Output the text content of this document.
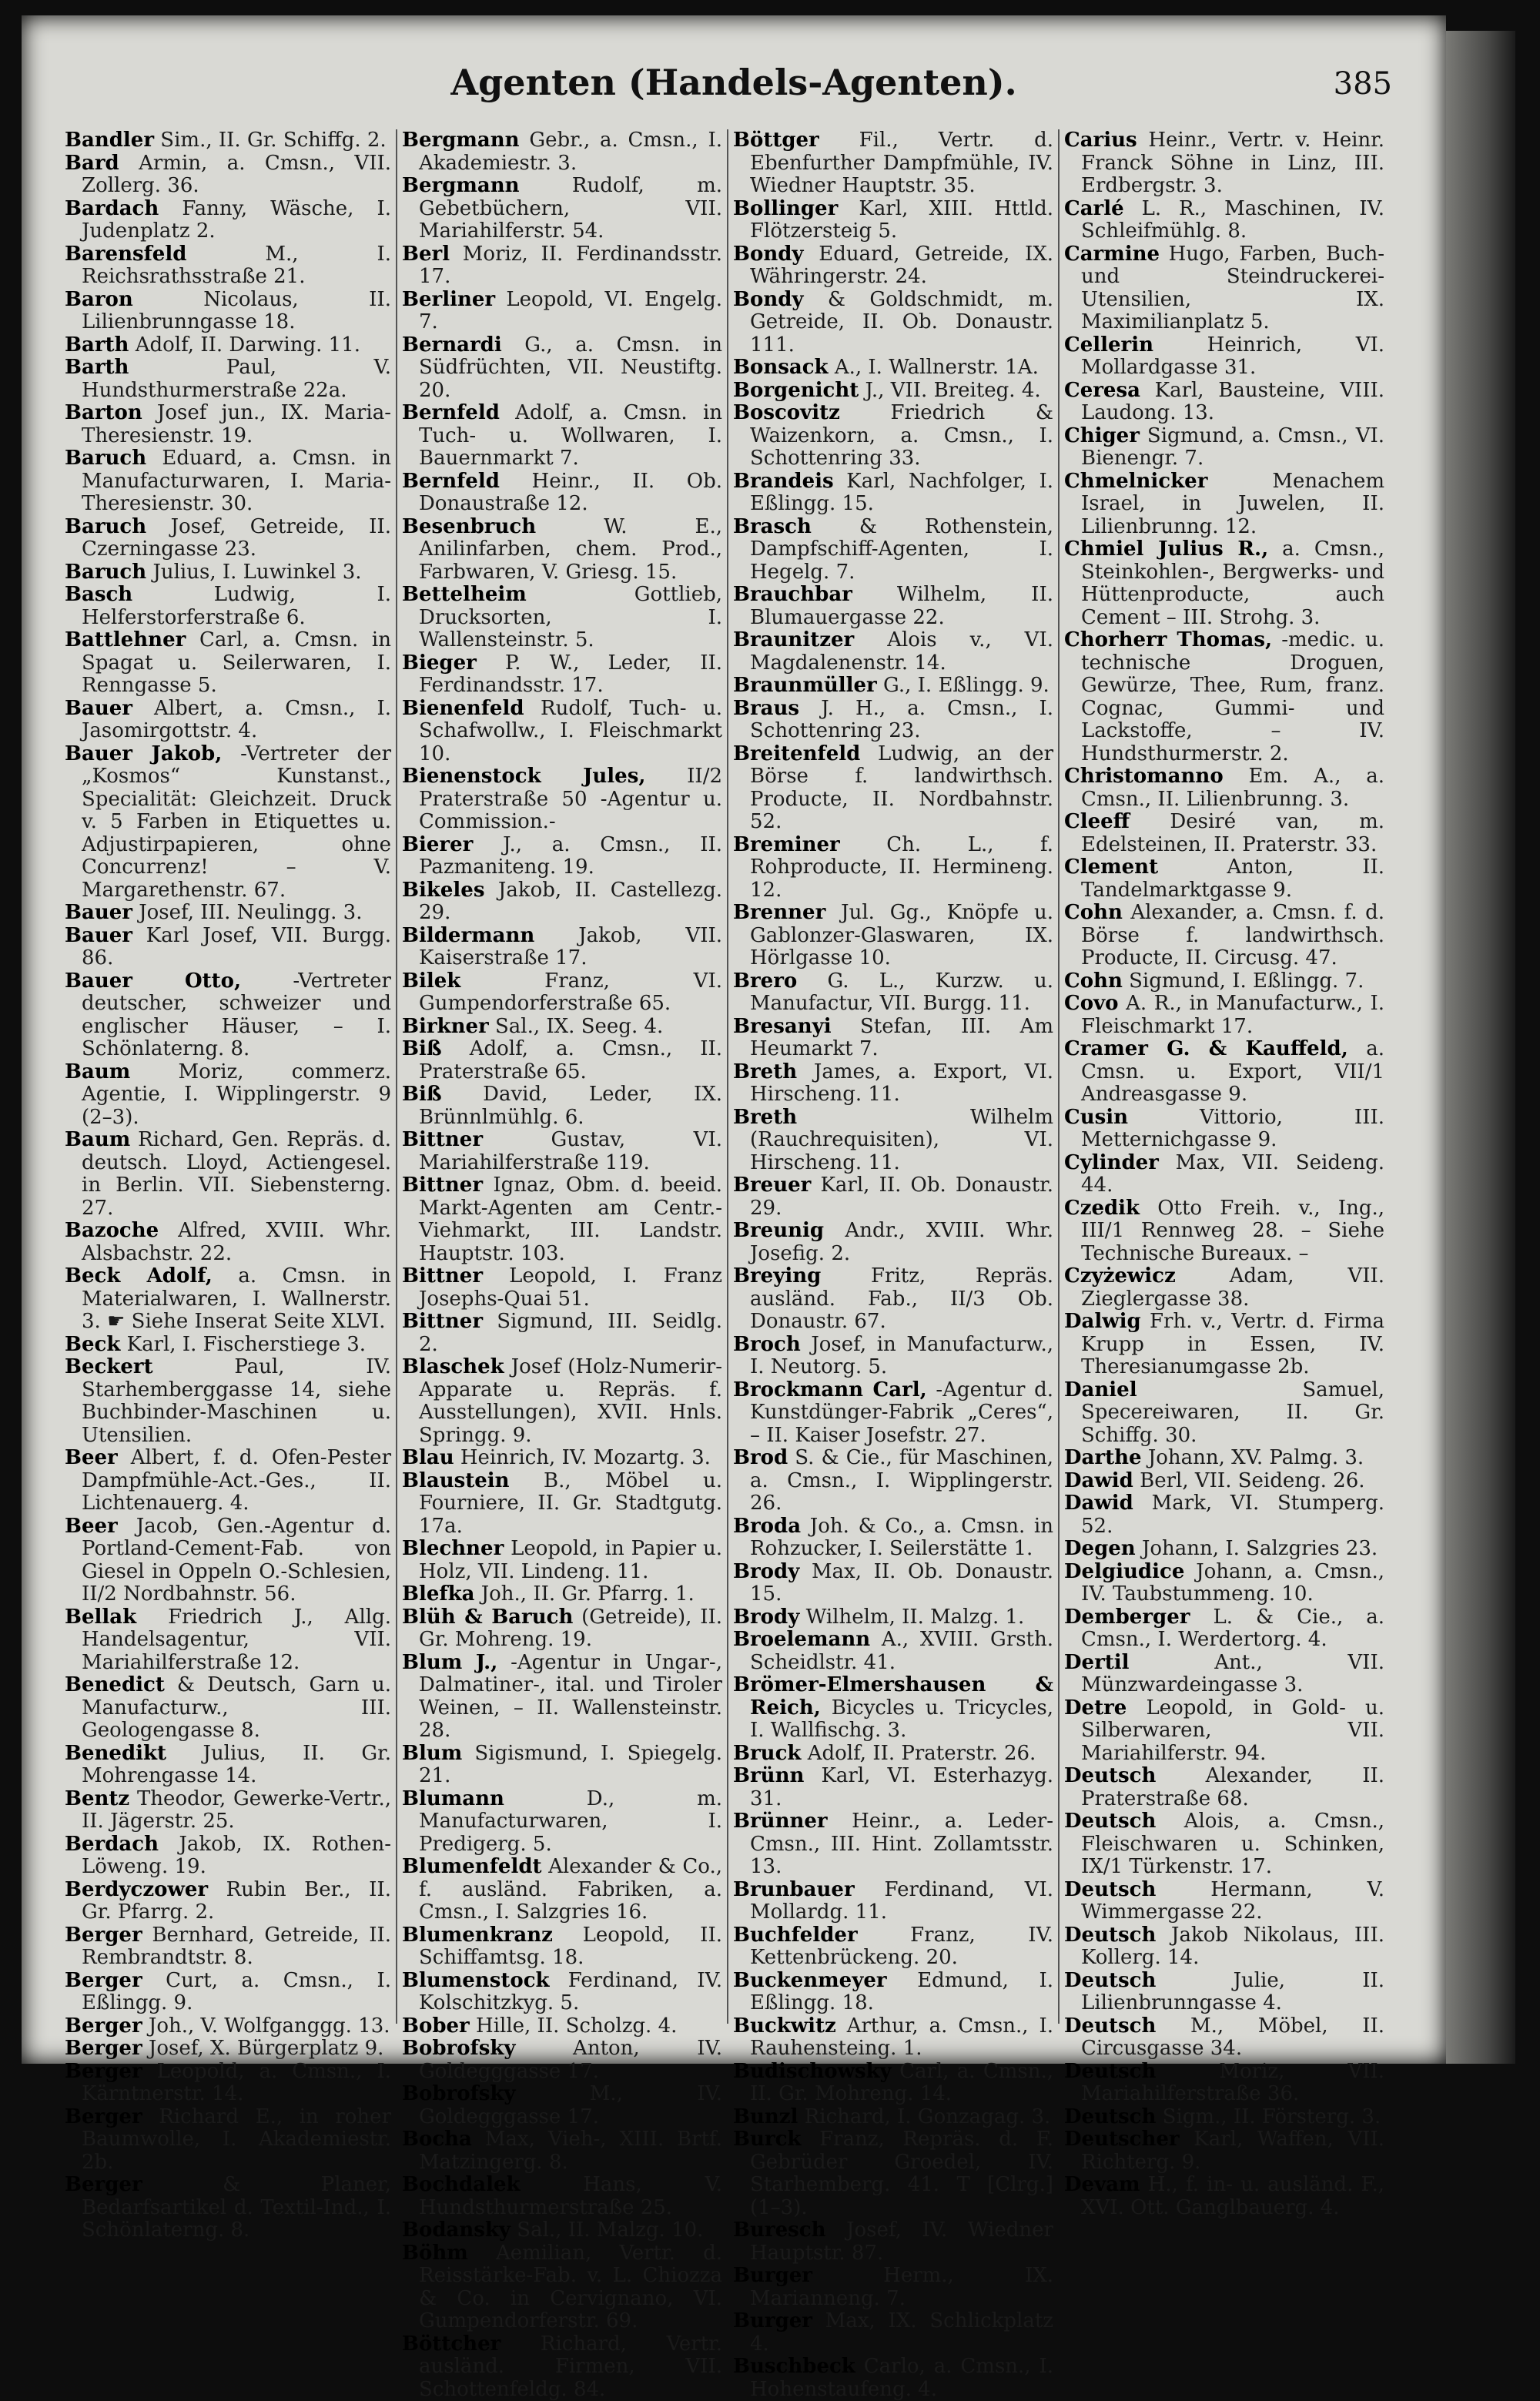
Agenten (Handels-Agenten).	385

Bandler Sim., II. Gr. Schiffg. 2.

Bard Armin, a. Cmsn., VII. Zollerg. 36.

Bardach Fanny, Wäsche, I. Judenplatz 2.

Barensfeld	M., I. Reichsrathsstraße 21.

Baron	Nicolaus, II. Lilienbrunngasse 18.

Barth Adolf, II. Darwing. 11.

Barth	Paul, V. Hundsthurmerstraße 22a.

Barton Josef jun., IX. Maria-Theresienstr. 19.

Baruch Eduard, a. Cmsn. in Manufacturwaren, I. Maria-Theresienstr. 30.

Baruch Josef, Getreide, II. Czerningasse 23.

Baruch Julius, I. Luwinkel 3.

Basch	Ludwig, I. Helferstorferstraße 6.

Battlehner Carl, a. Cmsn. in Spagat u. Seilerwaren, I. Renngasse 5.

Bauer Albert, a. Cmsn., I. Jasomirgottstr. 4.

Bauer Jakob, -Vertreter der „Kosmos“ Kunstanst., Specialität: Gleichzeit. Druck v. 5 Farben in Etiquettes u. Adjustirpapieren, ohne Concurrenz! – V. Margarethenstr. 67.

Bauer Josef, III. Neulingg. 3.

Bauer Karl Josef, VII. Burgg. 86.

Bauer Otto,	-Vertreter deutscher, schweizer und englischer Häuser, – I. Schönlaterng. 8.

Baum Moriz, commerz. Agentie, I. Wipplingerstr. 9 (2–3).

Baum Richard, Gen. Repräs. d. deutsch. Lloyd, Actiengesel. in Berlin. VII. Siebensterng. 27.

Bazoche Alfred, XVIII. Whr. Alsbachstr. 22.

Beck Adolf, a. Cmsn. in Materialwaren, I. Wallnerstr. 3. ☛ Siehe Inserat Seite XLVI.

Beck Karl, I. Fischerstiege 3.

Beckert	Paul, IV. Starhemberggasse 14, siehe Buchbinder-Maschinen u. Utensilien.

Beer Albert, f. d. Ofen-Pester Dampfmühle-Act.-Ges., II. Lichtenauerg. 4.

Beer Jacob, Gen.-Agentur d. Portland-Cement-Fab. von Giesel in Oppeln O.-Schlesien, II/2 Nordbahnstr. 56.

Bellak Friedrich J., Allg. Handelsagentur, VII. Mariahilferstraße 12.

Benedict & Deutsch, Garn u. Manufacturw., III. Geologengasse 8.

Benedikt Julius, II. Gr. Mohrengasse 14.

Bentz Theodor, Gewerke-Vertr., II. Jägerstr. 25.

Berdach Jakob, IX. Rothen-Löweng. 19.

Berdyczower Rubin Ber., II. Gr. Pfarrg. 2.

Berger Bernhard, Getreide, II. Rembrandtstr. 8.

Berger Curt, a. Cmsn., I. Eßlingg. 9.

Berger Joh., V. Wolfganggg. 13.

Berger Josef, X. Bürgerplatz 9.

Berger Leopold, a. Cmsn., I. Kärntnerstr. 14.

Berger Richard E., in roher Baumwolle, I. Akademiestr. 2b.

Berger	& Planer, Bedarfsartikel d. Textil-Ind., I. Schönlaterng. 8.

Bergmann Gebr., a. Cmsn., I. Akademiestr. 3.

Bergmann	Rudolf, m. Gebetbüchern, VII. Mariahilferstr. 54.

Berl Moriz, II. Ferdinandsstr. 17.

Berliner Leopold, VI. Engelg. 7.

Bernardi G., a. Cmsn. in Südfrüchten, VII. Neustiftg. 20.

Bernfeld Adolf, a. Cmsn. in Tuch- u. Wollwaren, I. Bauernmarkt 7.

Bernfeld Heinr., II. Ob. Donaustraße 12.

Besenbruch	W. E., Anilinfarben, chem. Prod., Farbwaren, V. Griesg. 15.

Bettelheim	Gottlieb, Drucksorten, I. Wallensteinstr. 5.

Bieger P. W., Leder, II. Ferdinandsstr. 17.

Bienenfeld Rudolf, Tuch- u. Schafwollw., I. Fleischmarkt 10.

Bienenstock Jules, II/2 Praterstraße 50 -Agentur u. Commission.-

Bierer J., a. Cmsn., II. Pazmaniteng. 19.

Bikeles Jakob, II. Castellezg. 29.

Bildermann Jakob, VII. Kaiserstraße 17.

Bilek	Franz, VI. Gumpendorferstraße 65.

Birkner Sal., IX. Seeg. 4.

Biß Adolf, a. Cmsn., II. Praterstraße 65.

Biß David, Leder, IX. Brünnlmühlg. 6.

Bittner	Gustav, VI. Mariahilferstraße 119.

Bittner Ignaz, Obm. d. beeid. Markt-Agenten am Centr.-Viehmarkt, III. Landstr. Hauptstr. 103.

Bittner Leopold, I. Franz Josephs-Quai 51.

Bittner Sigmund, III. Seidlg. 2.

Blaschek Josef (Holz-Numerir-Apparate u. Repräs. f. Ausstellungen), XVII. Hnls. Springg. 9.

Blau Heinrich, IV. Mozartg. 3.

Blaustein B., Möbel u. Fourniere, II. Gr. Stadtgutg. 17a.

Blechner Leopold, in Papier u. Holz, VII. Lindeng. 11.

Blefka Joh., II. Gr. Pfarrg. 1.

Blüh & Baruch (Getreide), II. Gr. Mohreng. 19.

Blum J., -Agentur in Ungar-, Dalmatiner-, ital. und Tiroler Weinen, – II. Wallensteinstr. 28.

Blum Sigismund, I. Spiegelg. 21.

Blumann	D., m. Manufacturwaren, I. Predigerg. 5.

Blumenfeldt Alexander & Co., f. ausländ. Fabriken, a. Cmsn., I. Salzgries 16.

Blumenkranz Leopold, II. Schiffamtsg. 18.

Blumenstock Ferdinand, IV. Kolschitzkyg. 5.

Bober Hille, II. Scholzg. 4.

Bobrofsky	Anton, IV. Goldegggasse 17.

Bobrofsky	M., IV. Goldegggasse 17.

Bocha Max, Vieh-, XIII. Brtf. Matzingerg. 8.

Bochdalek	Hans, V. Hundsthurmerstraße 25.

Bodansky Sal., II. Malzg. 10.

Böhm Aemilian, Vertr. d. Reisstärke-Fab. v. L. Chiozza & Co. in Cervignano, VI. Gumpendorferstr. 69.

Böttcher Richard, Vertr. ausländ. Firmen, VII. Schottenfeldg. 84.

Böttger Fil., Vertr. d. Ebenfurther Dampfmühle, IV. Wiedner Hauptstr. 35.

Bollinger Karl, XIII. Httld. Flötzersteig 5.

Bondy Eduard, Getreide, IX. Währingerstr. 24.

Bondy & Goldschmidt, m. Getreide, II. Ob. Donaustr. 111.

Bonsack A., I. Wallnerstr. 1A.

Borgenicht J., VII. Breiteg. 4.

Boscovitz	Friedrich & Waizenkorn, a. Cmsn., I. Schottenring 33.

Brandeis Karl, Nachfolger, I. Eßlingg. 15.

Brasch & Rothenstein, Dampfschiff-Agenten, I. Hegelg. 7.

Brauchbar Wilhelm, II. Blumauergasse 22.

Braunitzer Alois v., VI. Magdalenenstr. 14.

Braunmüller G., I. Eßlingg. 9.

Braus J. H., a. Cmsn., I. Schottenring 23.

Breitenfeld Ludwig, an der Börse f. landwirthsch. Producte, II. Nordbahnstr. 52.

Breminer Ch. L., f. Rohproducte, II. Hermineng. 12.

Brenner Jul. Gg., Knöpfe u. Gablonzer-Glaswaren, IX. Hörlgasse 10.

Brero G. L., Kurzw. u. Manufactur, VII. Burgg. 11.

Bresanyi Stefan, III. Am Heumarkt 7.

Breth James, a. Export, VI. Hirscheng. 11.

Breth	Wilhelm (Rauchrequisiten), VI. Hirscheng. 11.

Breuer Karl, II. Ob. Donaustr. 29.

Breunig Andr., XVIII. Whr. Josefig. 2.

Breying Fritz, Repräs. ausländ. Fab., II/3 Ob. Donaustr. 67.

Broch Josef, in Manufacturw., I. Neutorg. 5.

Brockmann Carl, -Agentur d. Kunstdünger-Fabrik „Ceres“, – II. Kaiser Josefstr. 27.

Brod S. & Cie., für Maschinen, a. Cmsn., I. Wipplingerstr. 26.

Broda Joh. & Co., a. Cmsn. in Rohzucker, I. Seilerstätte 1.

Brody Max, II. Ob. Donaustr. 15.

Brody Wilhelm, II. Malzg. 1.

Broelemann A., XVIII. Grsth. Scheidlstr. 41.

Brömer-Elmershausen & Reich, Bicycles u. Tricycles, I. Wallfischg. 3.

Bruck Adolf, II. Praterstr. 26.

Brünn Karl, VI. Esterhazyg. 31.

Brünner Heinr., a. Leder-Cmsn., III. Hint. Zollamtsstr. 13.

Brunbauer Ferdinand, VI. Mollardg. 11.

Buchfelder	Franz, IV. Kettenbrückeng. 20.

Buckenmeyer Edmund, I. Eßlingg. 18.

Buckwitz Arthur, a. Cmsn., I. Rauhensteing. 1.

Budischowsky Carl, a. Cmsn., II. Gr. Mohreng. 14.

Bunzl Richard, I. Gonzagag. 3.

Burck Franz, Repräs. d. F. Gebrüder Groedel, IV. Starhemberg. 41. T [Clrg.] (1–3).

Buresch Josef, IV. Wiedner Hauptstr. 87.

Burger	Herm., IX. Marianneng. 7.

Burger Max, IX. Schlickplatz 4.

Buschbeck Carlo, a. Cmsn., I. Hohenstaufeng. 4.

Carius Heinr., Vertr. v. Heinr. Franck Söhne in Linz, III. Erdbergstr. 3.

Carlé L. R., Maschinen, IV. Schleifmühlg. 8.

Carmine Hugo, Farben, Buch- und Steindruckerei-Utensilien, IX. Maximilianplatz 5.

Cellerin	Heinrich, VI. Mollardgasse 31.

Ceresa Karl, Bausteine, VIII. Laudong. 13.

Chiger Sigmund, a. Cmsn., VI. Bienengr. 7.

Chmelnicker	Menachem Israel, in Juwelen, II. Lilienbrunng. 12.

Chmiel Julius R., a. Cmsn., Steinkohlen-, Bergwerks- und Hüttenproducte, auch Cement – III. Strohg. 3.

Chorherr Thomas, -medic. u. technische Droguen, Gewürze, Thee, Rum, franz. Cognac, Gummi- und Lackstoffe, – IV. Hundsthurmerstr. 2.

Christomanno Em. A., a. Cmsn., II. Lilienbrunng. 3.

Cleeff Desiré van, m. Edelsteinen, II. Praterstr. 33.

Clement	Anton, II. Tandelmarktgasse 9.

Cohn Alexander, a. Cmsn. f. d. Börse f. landwirthsch. Producte, II. Circusg. 47.

Cohn Sigmund, I. Eßlingg. 7.

Covo A. R., in Manufacturw., I. Fleischmarkt 17.

Cramer G. & Kauffeld, a. Cmsn. u. Export, VII/1 Andreasgasse 9.

Cusin	Vittorio, III. Metternichgasse 9.

Cylinder Max, VII. Seideng. 44.

Czedik Otto Freih. v., Ing., III/1 Rennweg 28. – Siehe Technische Bureaux. –

Czyżewicz	Adam, VII. Zieglergasse 38.

Dalwig Frh. v., Vertr. d. Firma Krupp in Essen, IV. Theresianumgasse 2b.

Daniel	Samuel, Specereiwaren, II. Gr. Schiffg. 30.

Darthe Johann, XV. Palmg. 3.

Dawid Berl, VII. Seideng. 26.

Dawid Mark, VI. Stumperg. 52.

Degen Johann, I. Salzgries 23.

Delgiudice Johann, a. Cmsn., IV. Taubstummeng. 10.

Demberger L. & Cie., a. Cmsn., I. Werdertorg. 4.

Dertil	Ant., VII. Münzwardeingasse 3.

Detre Leopold, in Gold- u. Silberwaren, VII. Mariahilferstr. 94.

Deutsch Alexander, II. Praterstraße 68.

Deutsch Alois, a. Cmsn., Fleischwaren u. Schinken, IX/1 Türkenstr. 17.

Deutsch	Hermann, V. Wimmergasse 22.

Deutsch Jakob Nikolaus, III. Kollerg. 14.

Deutsch	Julie, II. Lilienbrunngasse 4.

Deutsch M., Möbel, II. Circusgasse 34.

Deutsch	Moriz, VII. Mariahilferstraße 36.

Deutsch Sigm., II. Försterg. 3.

Deutscher Karl, Waffen, VII. Richterg. 9.

Devam H., f. in- u. ausländ. F., XVI. Ott. Ganglbauerg. 4.
